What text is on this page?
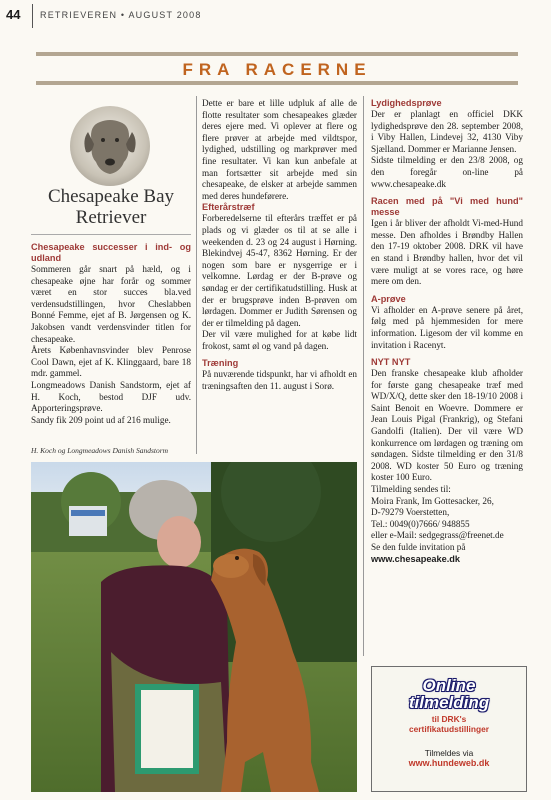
44 RETRIEVEREN • AUGUST 2008
FRA RACERNE
Chesapeake Bay
Retriever
Chesapeake successer i ind- og udland

Sommeren går snart på hæld, og i chesapeake øjne har forår og sommer været en stor succes bla.ved verdensudstillingen, hvor Cheslabben Bonné Femme, ejet af B. Jørgensen og K. Jakobsen vandt verdensvinder titlen for chesapeake.

Årets Københavnsvinder blev Penrose Cool Dawn, ejet af K. Klinggaard, bare 18 mdr. gammel.

Longmeadows Danish Sandstorm, ejet af H. Koch, bestod DJF udv. Apporteringsprøve.

Sandy fik 209 point ud af 216 mulige.

H. Koch og Longmeadows Danish Sandstorm

Dette er bare et lille udpluk af alle de flotte resultater som chesapeakes glæder deres ejere med. Vi oplever at flere og flere prøver at arbejde med vildtspor, lydighed, udstilling og markprøver med fine resultater. Vi kan kun anbefale at man fortsætter sit arbejde med sin chesapeake, de elsker at arbejde sammen med deres hundeførere.

Efterårstræf

Forberedelserne til efterårs træffet er på plads og vi glæder os til at se alle i weekenden d. 23 og 24 august i Hørning. Blekindvej 45-47, 8362 Hørning. Er der nogen som bare er nysgerrige er i velkomne. Lørdag er der B-prøve og søndag er der certifikatudstilling. Husk at der er brugsprøve inden B-prøven om lørdagen. Dommer er Judith Sørensen og der er tilmelding på dagen.

Der vil være mulighed for at købe lidt frokost, samt øl og vand på dagen.

Træning

På nuværende tidspunkt, har vi afholdt en træningsaften den 11. august i Sorø.

Lydighedsprøve

Der er planlagt en officiel DKK lydighedsprøve den 28. september 2008, i Viby Hallen, Lindevej 32, 4130 Viby Sjælland. Dommer er Marianne Jensen.

Sidste tilmelding er den 23/8 2008, og den foregår on-line på www.chesapeake.dk

Racen med på "Vi med hund" messe

Igen i år bliver der afholdt Vi-med-Hund messe. Den afholdes i Brøndby Hallen den 17-19 oktober 2008. DRK vil have en stand i Brøndby hallen, hvor det vil være muligt at se vores race, og høre mere om den.

A-prøve

Vi afholder en A-prøve senere på året, følg med på hjemmesiden for mere information. Ligesom der vil komme en invitation i Racenyt.

NYT NYT

Den franske chesapeake klub afholder for første gang chesapeake træf med WD/X/Q, dette sker den 18-19/10 2008 i Saint Benoit en Woevre. Dommere er Jean Louis Pigal (Frankrig), og Stefani Gandolfi (Italien). Der vil være WD konkurrence om lørdagen og træning om søndagen. Sidste tilmelding er den 31/8 2008. WD koster 50 Euro og træning koster 100 Euro.

Tilmelding sendes til:
Moira Frank, Im Gottesacker, 26,
D-79279 Voerstetten,
Tel.: 0049(0)7666/ 948855
eller e-Mail: sedgegrass@freenet.de
Se den fulde invitation på
www.chesapeake.dk
Online
tilmelding
til DRK's
certifikatudstillinger
Tilmeldes via
www.hundeweb.dk
